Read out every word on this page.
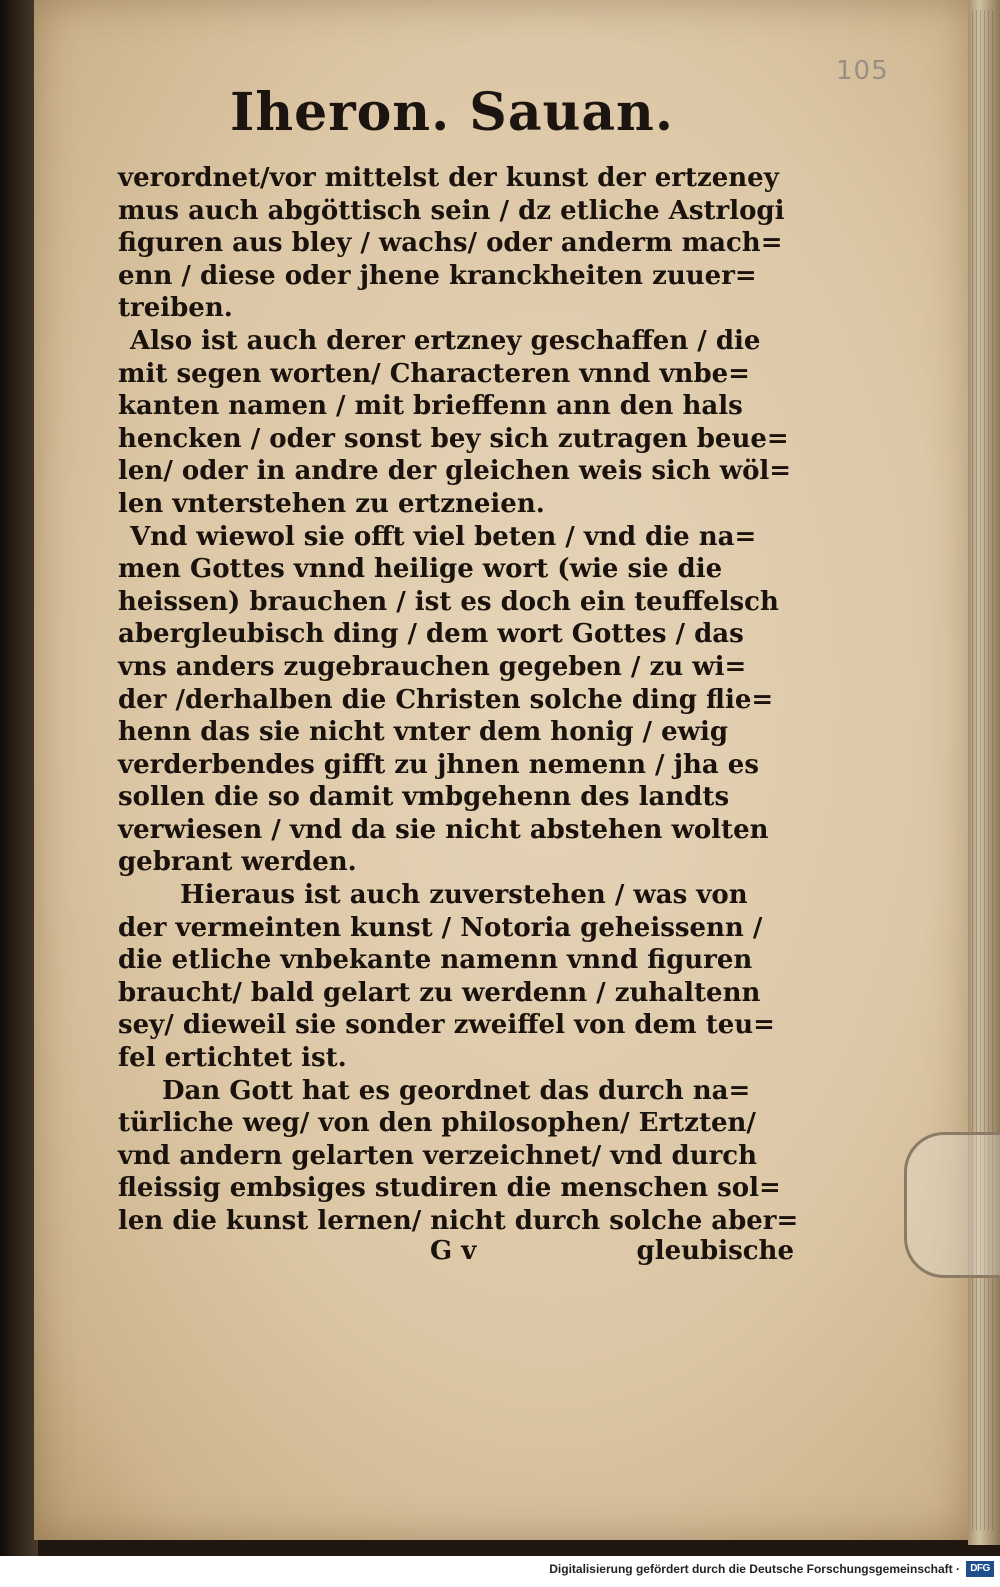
105
Iheron. Sauan.
verordnet/vor mittelst der kunst der ertzeney
mus auch abgöttisch sein / dz etliche Astrlogi
figuren aus bley / wachs/ oder anderm mach=
enn / diese oder jhene kranckheiten zuuer=
treiben.
Also ist auch derer ertzney geschaffen / die
mit segen worten/ Characteren vnnd vnbe=
kanten namen / mit brieffenn ann den hals
hencken / oder sonst bey sich zutragen beue=
len/ oder in andre der gleichen weis sich wöl=
len vnterstehen zu ertzneien.
Vnd wiewol sie offt viel beten / vnd die na=
men Gottes vnnd heilige wort (wie sie die
heissen) brauchen / ist es doch ein teuffelsch
abergleubisch ding / dem wort Gottes / das
vns anders zugebrauchen gegeben / zu wi=
der /derhalben die Christen solche ding flie=
henn das sie nicht vnter dem honig / ewig
verderbendes gifft zu jhnen nemenn / jha es
sollen die so damit vmbgehenn des landts
verwiesen / vnd da sie nicht abstehen wolten
gebrant werden.
Hieraus ist auch zuverstehen / was von
der vermeinten kunst / Notoria geheissenn /
die etliche vnbekante namenn vnnd figuren
braucht/ bald gelart zu werdenn / zuhaltenn
sey/ dieweil sie sonder zweiffel von dem teu=
fel ertichtet ist.
Dan Gott hat es geordnet das durch na=
türliche weg/ von den philosophen/ Ertzten/
vnd andern gelarten verzeichnet/ vnd durch
fleissig embsiges studiren die menschen sol=
len die kunst lernen/ nicht durch solche aber=
G v	gleubische
Digitalisierung gefördert durch die Deutsche Forschungsgemeinschaft ·	DFG
